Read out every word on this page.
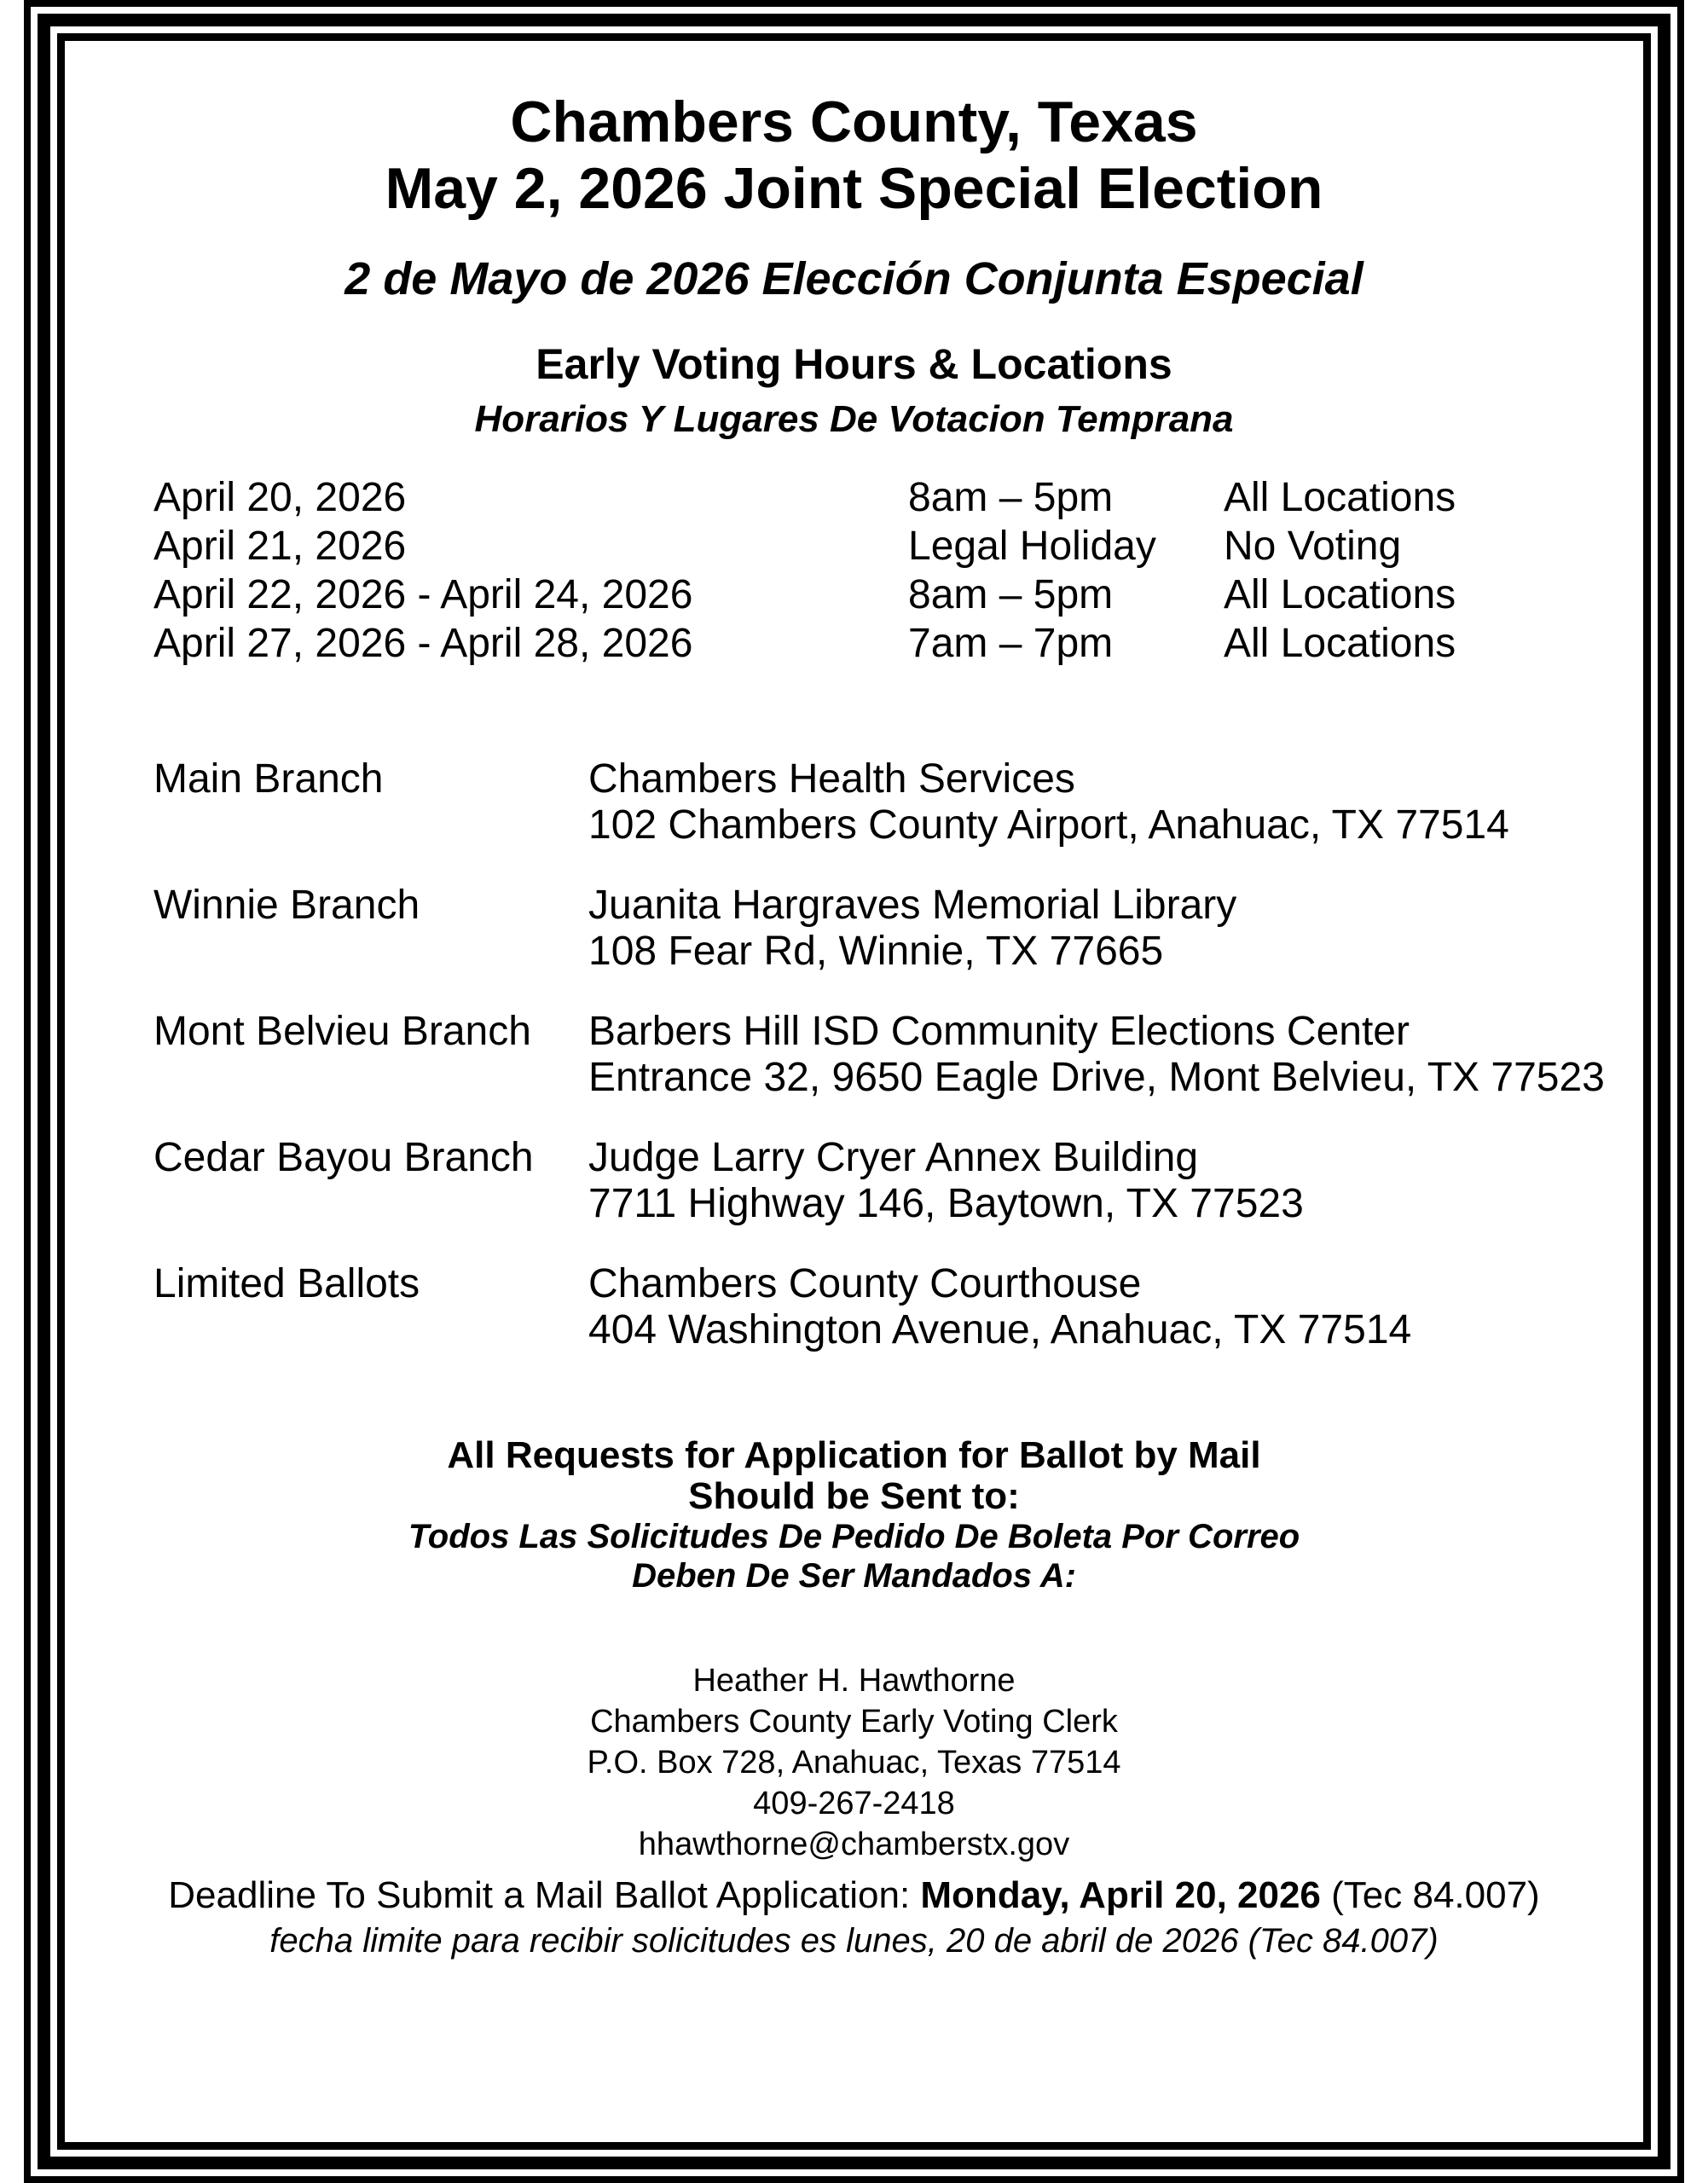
Chambers County, Texas
May 2, 2026 Joint Special Election
2 de Mayo de 2026 Elección Conjunta Especial
Early Voting Hours & Locations
Horarios Y Lugares De Votacion Temprana
April 20, 2026	8am – 5pm	All Locations
April 21, 2026	Legal Holiday	No Voting
April 22, 2026 - April 24, 2026	8am – 5pm	All Locations
April 27, 2026 - April 28, 2026	7am – 7pm	All Locations
Main Branch	Chambers Health Services
102 Chambers County Airport, Anahuac, TX 77514
Winnie Branch	Juanita Hargraves Memorial Library
108 Fear Rd, Winnie, TX 77665
Mont Belvieu Branch	Barbers Hill ISD Community Elections Center
Entrance 32, 9650 Eagle Drive, Mont Belvieu, TX 77523
Cedar Bayou Branch	Judge Larry Cryer Annex Building
7711 Highway 146, Baytown, TX 77523
Limited Ballots	Chambers County Courthouse
404 Washington Avenue, Anahuac, TX 77514
All Requests for Application for Ballot by Mail
Should be Sent to:
Todos Las Solicitudes De Pedido De Boleta Por Correo
Deben De Ser Mandados A:
Heather H. Hawthorne
Chambers County Early Voting Clerk
P.O. Box 728, Anahuac, Texas 77514
409-267-2418
hhawthorne@chamberstx.gov
Deadline To Submit a Mail Ballot Application: Monday, April 20, 2026 (Tec 84.007)
fecha limite para recibir solicitudes es lunes, 20 de abril de 2026 (Tec 84.007)
